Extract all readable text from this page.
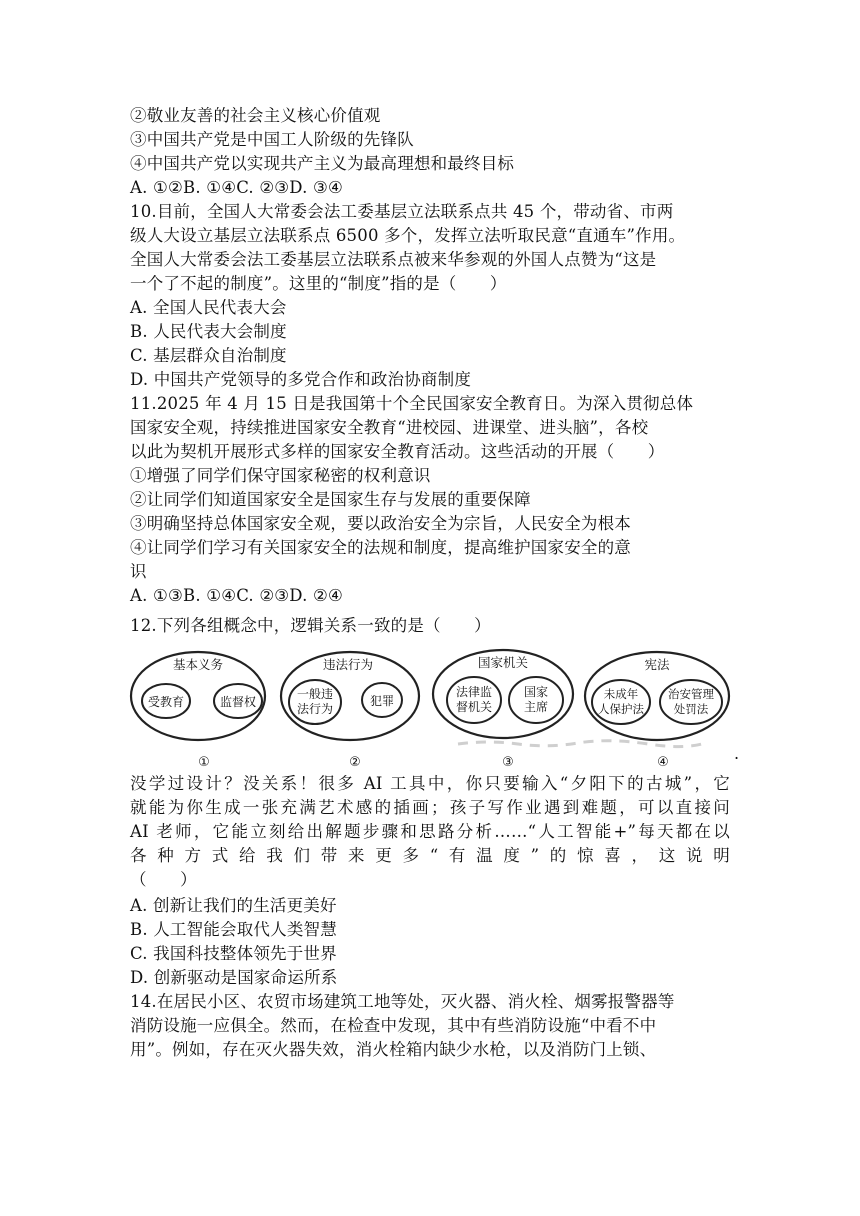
②敬业友善的社会主义核心价值观
③中国共产党是中国工人阶级的先锋队
④中国共产党以实现共产主义为最高理想和最终目标
A. ①②B. ①④C. ②③D. ③④
10.目前，全国人大常委会法工委基层立法联系点共 45 个，带动省、市两
级人大设立基层立法联系点 6500 多个，发挥立法听取民意“直通车”作用。
全国人大常委会法工委基层立法联系点被来华参观的外国人点赞为“这是
一个了不起的制度”。这里的“制度”指的是（　　）
A. 全国人民代表大会
B. 人民代表大会制度
C. 基层群众自治制度
D. 中国共产党领导的多党合作和政治协商制度
11.2025 年 4 月 15 日是我国第十个全民国家安全教育日。为深入贯彻总体
国家安全观，持续推进国家安全教育“进校园、进课堂、进头脑”，各校
以此为契机开展形式多样的国家安全教育活动。这些活动的开展（　　）
①增强了同学们保守国家秘密的权利意识
②让同学们知道国家安全是国家生存与发展的重要保障
③明确坚持总体国家安全观，要以政治安全为宗旨，人民安全为根本
④让同学们学习有关国家安全的法规和制度，提高维护国家安全的意
识
A. ①③B. ①④C. ②③D. ②④
12.下列各组概念中，逻辑关系一致的是（　　）
基本义务
受教育	监督权
①
违法行为
一般违
法行为
犯罪
②
国家机关
法律监
督机关
国家
主席
③
宪法
未成年
人保护法
治安管理
处罚法
④	.
没学过设计？没关系！很多 AI 工具中，你只要输入“夕阳下的古城”，它
就能为你生成一张充满艺术感的插画；孩子写作业遇到难题，可以直接问
AI 老师，它能立刻给出解题步骤和思路分析……“人工智能+”每天都在以
各种方式给我们带来更多“有温度”的惊喜，这说明
（　　）
A. 创新让我们的生活更美好
B. 人工智能会取代人类智慧
C. 我国科技整体领先于世界
D. 创新驱动是国家命运所系
14.在居民小区、农贸市场建筑工地等处，灭火器、消火栓、烟雾报警器等
消防设施一应俱全。然而，在检查中发现，其中有些消防设施“中看不中
用”。例如，存在灭火器失效，消火栓箱内缺少水枪，以及消防门上锁、
